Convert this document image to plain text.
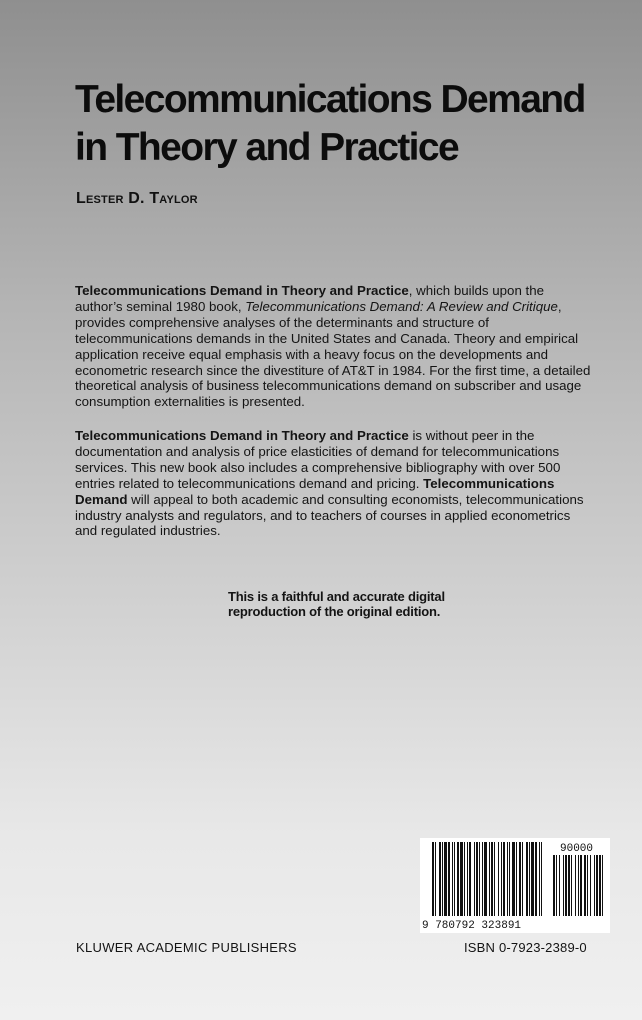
Telecommunications Demand
in Theory and Practice

Lester D. Taylor

Telecommunications Demand in Theory and Practice, which builds upon the author’s seminal 1980 book, Telecommunications Demand: A Review and Critique, provides comprehensive analyses of the determinants and structure of telecommunications demands in the United States and Canada. Theory and empirical application receive equal emphasis with a heavy focus on the developments and econometric research since the divestiture of AT&T in 1984. For the first time, a detailed theoretical analysis of business telecommunications demand on subscriber and usage consumption externalities is presented.

Telecommunications Demand in Theory and Practice is without peer in the documentation and analysis of price elasticities of demand for telecommunications services. This new book also includes a comprehensive bibliography with over 500 entries related to telecommunications demand and pricing. Telecommunications Demand will appeal to both academic and consulting economists, telecommunications industry analysts and regulators, and to teachers of courses in applied econometrics and regulated industries.

This is a faithful and accurate digital
reproduction of the original edition.

9 780792 323891
90000
KLUWER ACADEMIC PUBLISHERS	ISBN 0-7923-2389-0
